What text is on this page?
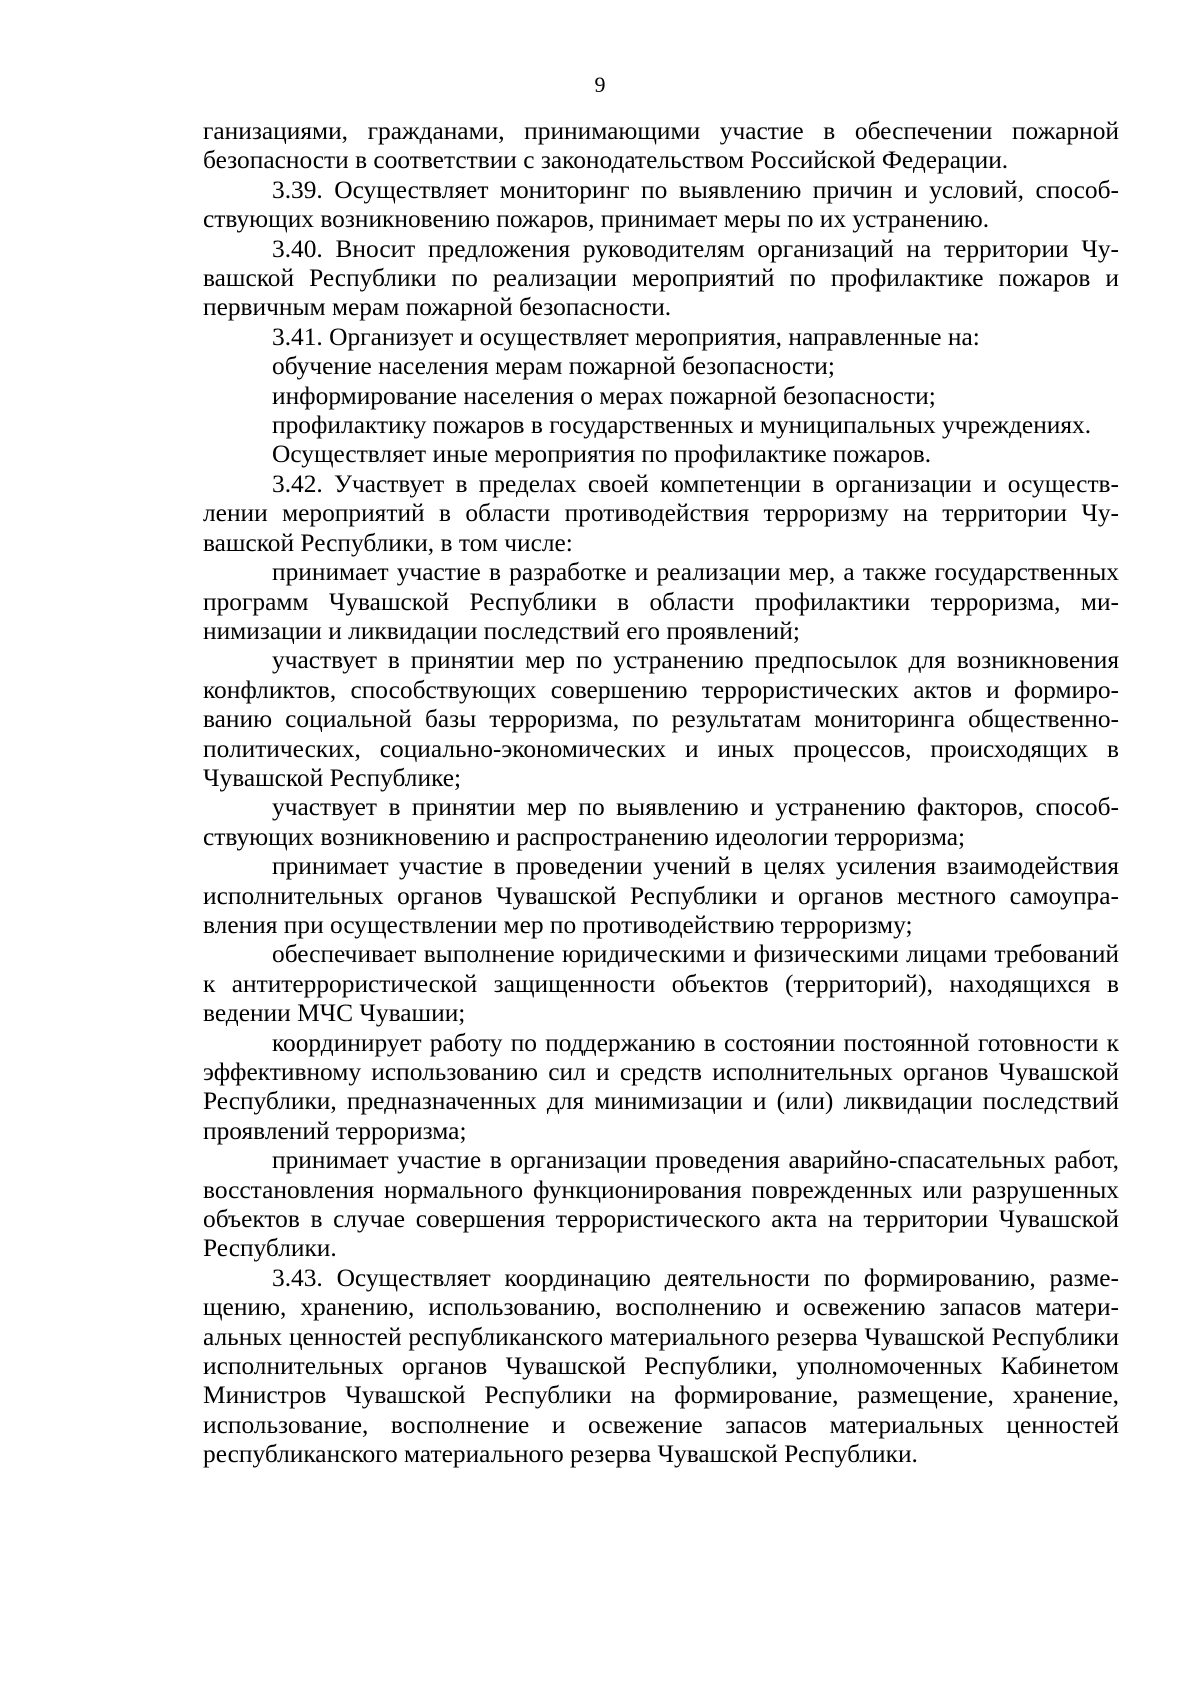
9

ганизациями, гражданами, принимающими участие в обеспечении пожарной безопасности в соответствии с законодательством Российской Федерации.

3.39. Осуществляет мониторинг по выявлению причин и условий, способствующих возникновению пожаров, принимает меры по их устранению.

3.40. Вносит предложения руководителям организаций на территории Чувашской Республики по реализации мероприятий по профилактике пожаров и первичным мерам пожарной безопасности.

3.41. Организует и осуществляет мероприятия, направленные на:

обучение населения мерам пожарной безопасности;

информирование населения о мерах пожарной безопасности;

профилактику пожаров в государственных и муниципальных учреждениях.

Осуществляет иные мероприятия по профилактике пожаров.

3.42. Участвует в пределах своей компетенции в организации и осуществлении мероприятий в области противодействия терроризму на территории Чувашской Республики, в том числе:

принимает участие в разработке и реализации мер, а также государственных программ Чувашской Республики в области профилактики терроризма, минимизации и ликвидации последствий его проявлений;

участвует в принятии мер по устранению предпосылок для возникновения конфликтов, способствующих совершению террористических актов и формированию социальной базы терроризма, по результатам мониторинга общественно-политических, социально-экономических и иных процессов, происходящих в Чувашской Республике;

участвует в принятии мер по выявлению и устранению факторов, способствующих возникновению и распространению идеологии терроризма;

принимает участие в проведении учений в целях усиления взаимодействия исполнительных органов Чувашской Республики и органов местного самоуправления при осуществлении мер по противодействию терроризму;

обеспечивает выполнение юридическими и физическими лицами требований к антитеррористической защищенности объектов (территорий), находящихся в ведении МЧС Чувашии;

координирует работу по поддержанию в состоянии постоянной готовности к эффективному использованию сил и средств исполнительных органов Чувашской Республики, предназначенных для минимизации и (или) ликвидации последствий проявлений терроризма;

принимает участие в организации проведения аварийно-спасательных работ, восстановления нормального функционирования поврежденных или разрушенных объектов в случае совершения террористического акта на территории Чувашской Республики.

3.43. Осуществляет координацию деятельности по формированию, размещению, хранению, использованию, восполнению и освежению запасов материальных ценностей республиканского материального резерва Чувашской Республики исполнительных органов Чувашской Республики, уполномоченных Кабинетом Министров Чувашской Республики на формирование, размещение, хранение, использование, восполнение и освежение запасов материальных ценностей республиканского материального резерва Чувашской Республики.
